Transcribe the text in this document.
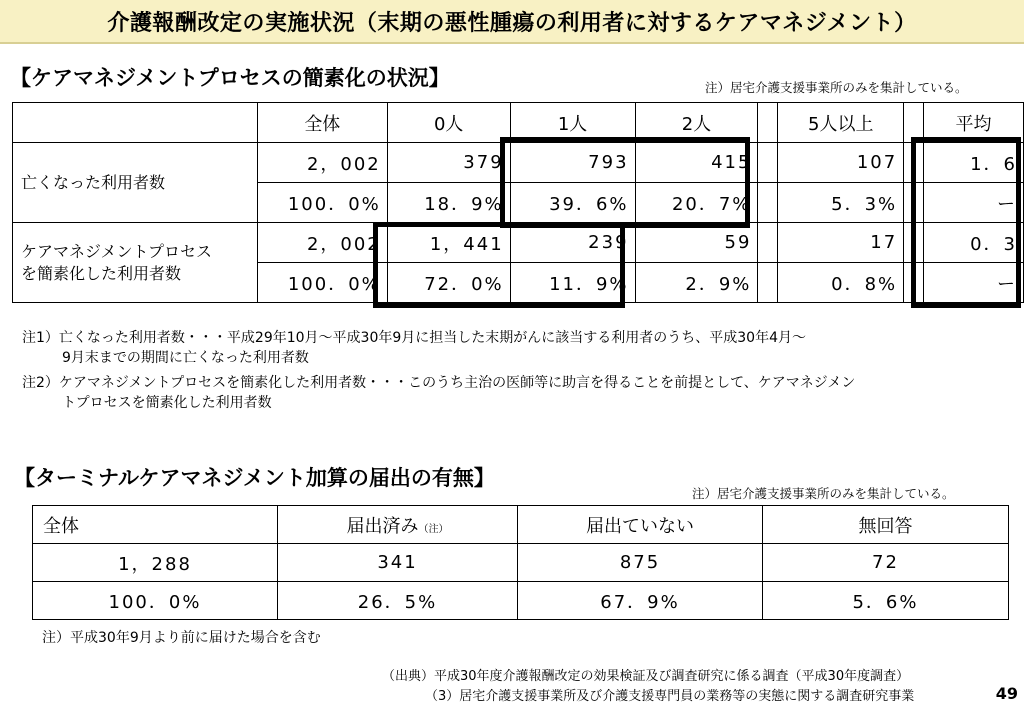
介護報酬改定の実施状況（末期の悪性腫瘍の利用者に対するケアマネジメント）
【ケアマネジメントプロセスの簡素化の状況】	注）居宅介護支援事業所のみを集計している。
	全体	0人	1人	2人		5人以上		平均
亡くなった利用者数	2，002	379	793	415		107		1．6
	100．0%	18．9%	39．6%	20．7%		5．3%		ー

ケアマネジメントプロセス
を簡素化した利用者数	2，002	1，441	239	59		17		0．3
	100．0%	72．0%	11．9%	2．9%		0．8%		ー
注1）亡くなった利用者数・・・平成29年10月～平成30年9月に担当した末期がんに該当する利用者のうち、平成30年4月～
9月末までの期間に亡くなった利用者数
注2）ケアマネジメントプロセスを簡素化した利用者数・・・このうち主治の医師等に助言を得ることを前提として、ケアマネジメン
トプロセスを簡素化した利用者数
【ターミナルケアマネジメント加算の届出の有無】
注）居宅介護支援事業所のみを集計している。
全体	届出済み（注）	届出ていない	無回答
1，288	341	875	72
100．0%	26．5%	67．9%	5．6%
注）平成30年9月より前に届けた場合を含む
（出典）平成30年度介護報酬改定の効果検証及び調査研究に係る調査（平成30年度調査）
（3）居宅介護支援事業所及び介護支援専門員の業務等の実態に関する調査研究事業	49
